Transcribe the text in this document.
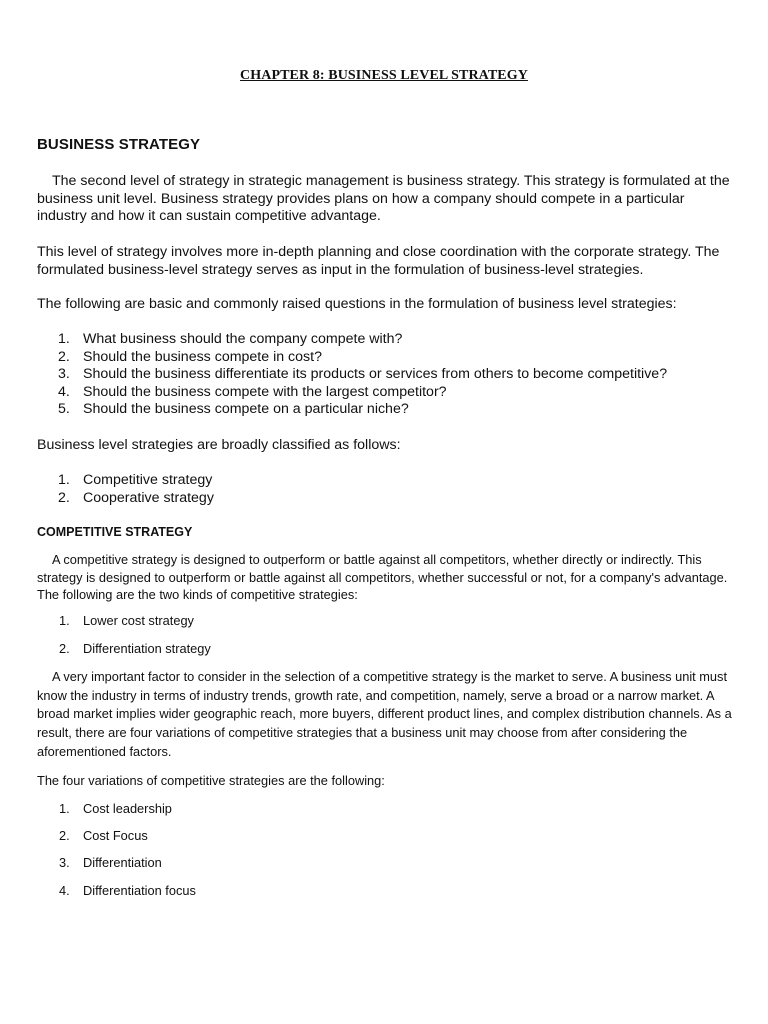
CHAPTER 8: BUSINESS LEVEL STRATEGY
BUSINESS STRATEGY

The second level of strategy in strategic management is business strategy. This strategy is formulated at the business unit level. Business strategy provides plans on how a company should compete in a particular industry and how it can sustain competitive advantage.

This level of strategy involves more in-depth planning and close coordination with the corporate strategy. The formulated business-level strategy serves as input in the formulation of business-level strategies.

The following are basic and commonly raised questions in the formulation of business level strategies:

1. What business should the company compete with?
2. Should the business compete in cost?
3. Should the business differentiate its products or services from others to become competitive?
4. Should the business compete with the largest competitor?
5. Should the business compete on a particular niche?

Business level strategies are broadly classified as follows:

1. Competitive strategy
2. Cooperative strategy
COMPETITIVE STRATEGY

A competitive strategy is designed to outperform or battle against all competitors, whether directly or indirectly. This strategy is designed to outperform or battle against all competitors, whether successful or not, for a company's advantage. The following are the two kinds of competitive strategies:

1. Lower cost strategy
2. Differentiation strategy

A very important factor to consider in the selection of a competitive strategy is the market to serve. A business unit must know the industry in terms of industry trends, growth rate, and competition, namely, serve a broad or a narrow market. A broad market implies wider geographic reach, more buyers, different product lines, and complex distribution channels. As a result, there are four variations of competitive strategies that a business unit may choose from after considering the aforementioned factors.

The four variations of competitive strategies are the following:

1. Cost leadership
2. Cost Focus
3. Differentiation
4. Differentiation focus
